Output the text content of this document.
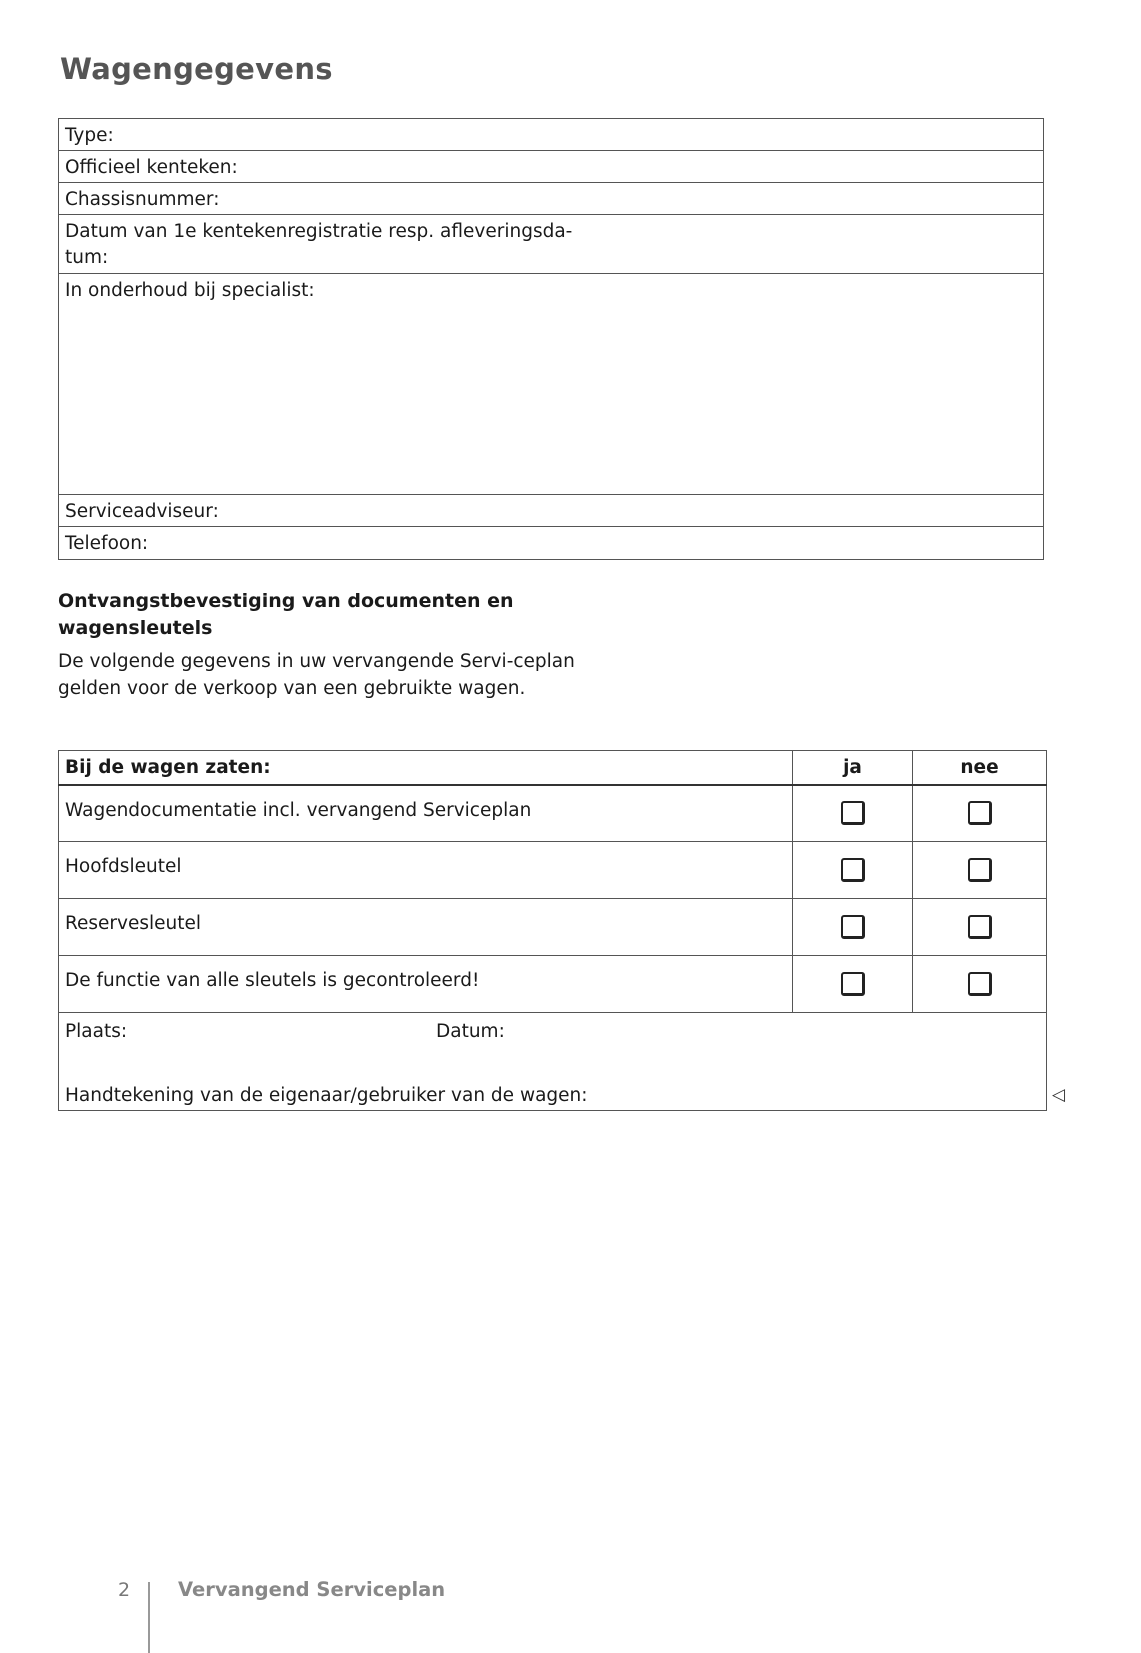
Wagengegevens
Type:
Officieel kenteken:
Chassisnummer:
Datum van 1e kentekenregistratie resp. afleveringsda-tum:
In onderhoud bij specialist:
Serviceadviseur:
Telefoon:
Ontvangstbevestiging van documenten en wagensleutels

De volgende gegevens in uw vervangende Servi-ceplan gelden voor de verkoop van een gebruikte wagen.

Bij de wagen zaten:	ja	nee
Wagendocumentatie incl. vervangend Serviceplan		
Hoofdsleutel		
Reservesleutel		
De functie van alle sleutels is gecontroleerd!		

Plaats: Datum:
Handtekening van de eigenaar/gebruiker van de wagen:			◁
2 Vervangend Serviceplan
